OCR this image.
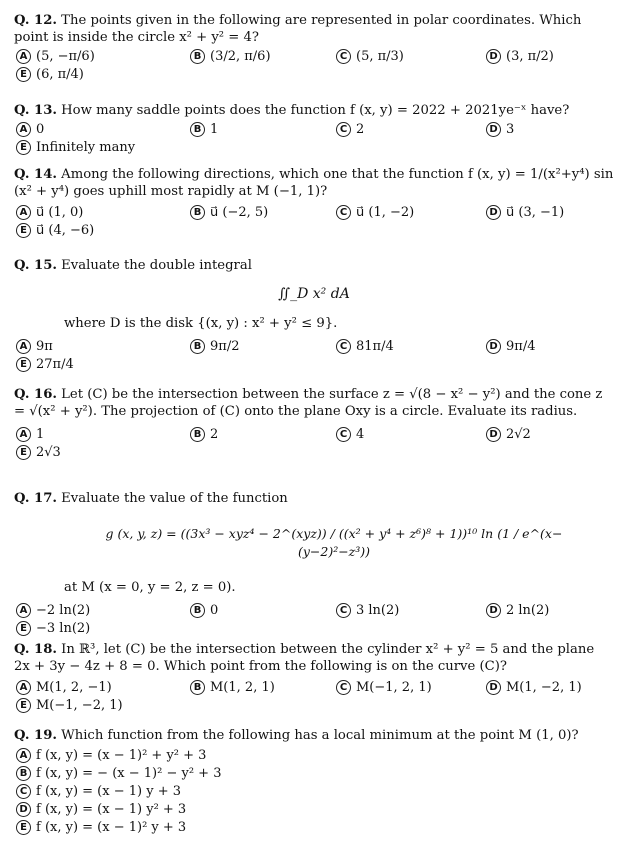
Q. 12. The points given in the following are represented in polar coordinates. Which point is inside the circle x² + y² = 4?
A (5, −π/6)	B (3/2, π/6)	C (5, π/3)	D (3, π/2)
E (6, π/4)
Q. 13. How many saddle points does the function f (x, y) = 2022 + 2021ye⁻ˣ have?
A 0	B 1	C 2	D 3
E Infinitely many
Q. 14. Among the following directions, which one that the function f (x, y) = 1/(x²+y⁴) sin (x² + y⁴) goes uphill most rapidly at M (−1, 1)?
A u⃗ (1, 0)	B u⃗ (−2, 5)	C u⃗ (1, −2)	D u⃗ (3, −1)
E u⃗ (4, −6)
Q. 15. Evaluate the double integral
∬_D x² dA
where D is the disk {(x, y) : x² + y² ≤ 9}.
A 9π	B 9π/2	C 81π/4	D 9π/4
E 27π/4
Q. 16. Let (C) be the intersection between the surface z = √(8 − x² − y²) and the cone z = √(x² + y²). The projection of (C) onto the plane Oxy is a circle. Evaluate its radius.
A 1	B 2	C 4	D 2√2
E 2√3
Q. 17. Evaluate the value of the function
g (x, y, z) = ((3x³ − xyz⁴ − 2^(xyz)) / ((x² + y⁴ + z⁶)⁸ + 1))¹⁰ ln (1 / e^(x−(y−2)²−z³))
at M (x = 0, y = 2, z = 0).
A −2 ln(2)	B 0	C 3 ln(2)	D 2 ln(2)
E −3 ln(2)
Q. 18. In ℝ³, let (C) be the intersection between the cylinder x² + y² = 5 and the plane 2x + 3y − 4z + 8 = 0. Which point from the following is on the curve (C)?
A M(1, 2, −1)	B M(1, 2, 1)	C M(−1, 2, 1)	D M(1, −2, 1)
E M(−1, −2, 1)
Q. 19. Which function from the following has a local minimum at the point M (1, 0)?
A f (x, y) = (x − 1)² + y² + 3
B f (x, y) = − (x − 1)² − y² + 3
C f (x, y) = (x − 1) y + 3
D f (x, y) = (x − 1) y² + 3
E f (x, y) = (x − 1)² y + 3
